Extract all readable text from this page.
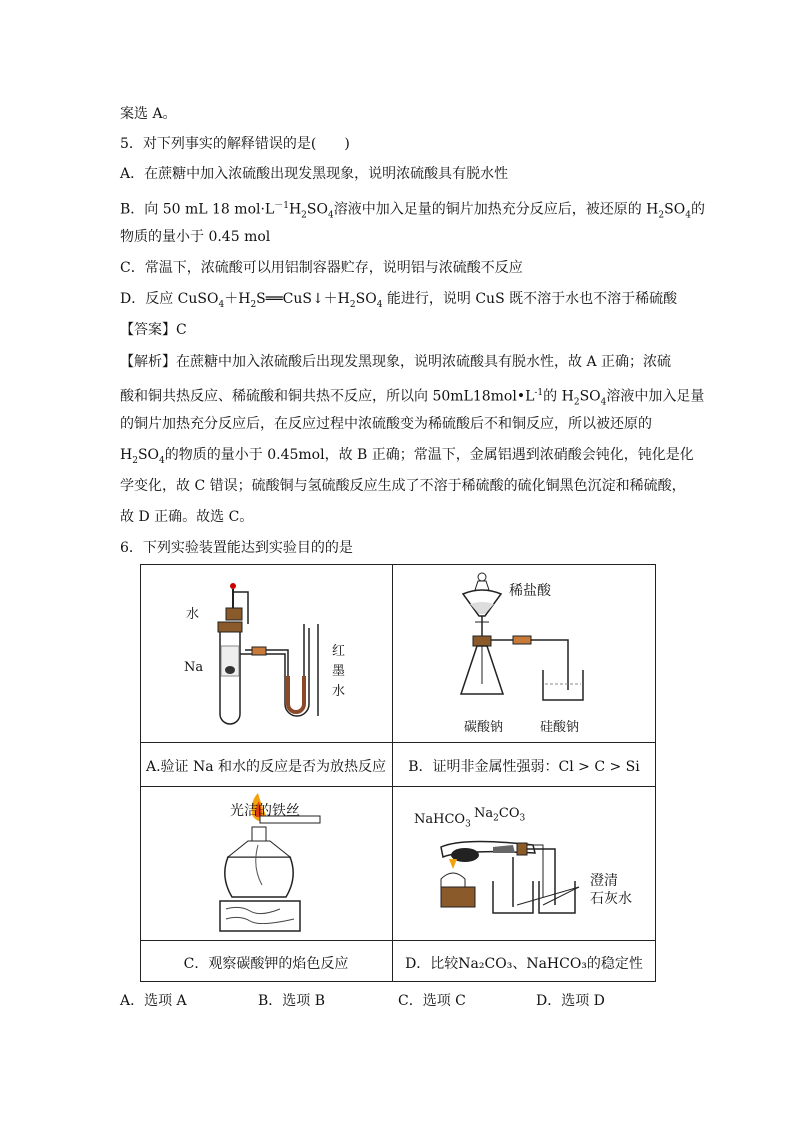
案选 A。
5．对下列事实的解释错误的是(　　)
A．在蔗糖中加入浓硫酸出现发黑现象，说明浓硫酸具有脱水性
B．向 50 mL 18 $mol\cdot L^{-1}H_2SO_4$溶液中加入足量的铜片加热充分反应后，被还原的 $H_2SO_4$的
物质的量小于 0.45 mol
C．常温下，浓硫酸可以用铝制容器贮存，说明铝与浓硫酸不反应
D．反应 $CuSO_4+H_2S══CuS↓+H_2SO_4$ 能进行，说明 CuS 既不溶于水也不溶于稀硫酸
【答案】C
【解析】在蔗糖中加入浓硫酸后出现发黑现象，说明浓硫酸具有脱水性，故 A 正确；浓硫
酸和铜共热反应、稀硫酸和铜共热不反应，所以向 $50mL18mol•L^{-1}$的 $H_2SO_4$溶液中加入足量
的铜片加热充分反应后，在反应过程中浓硫酸变为稀硫酸后不和铜反应，所以被还原的
$H_2SO_4$的物质的量小于 0.45mol，故 B 正确；常温下，金属铝遇到浓硝酸会钝化，钝化是化
学变化，故 C 错误；硫酸铜与氢硫酸反应生成了不溶于稀硫酸的硫化铜黑色沉淀和稀硫酸，
故 D 正确。故选 C。
6．下列实验装置能达到实验目的的是
水
Na
红
墨
水
A.验证 Na 和水的反应是否为放热反应
稀盐酸
碳酸钠	硅酸钠
B．证明非金属性强弱：Cl > C > Si
光洁的铁丝
C．观察碳酸钾的焰色反应
NaHCO$_3$
$Na_2CO_3$
澄清
石灰水
D．比较Na₂CO₃、NaHCO₃的稳定性
A．选项 A	B．选项 B	C．选项 C	D．选项 D
